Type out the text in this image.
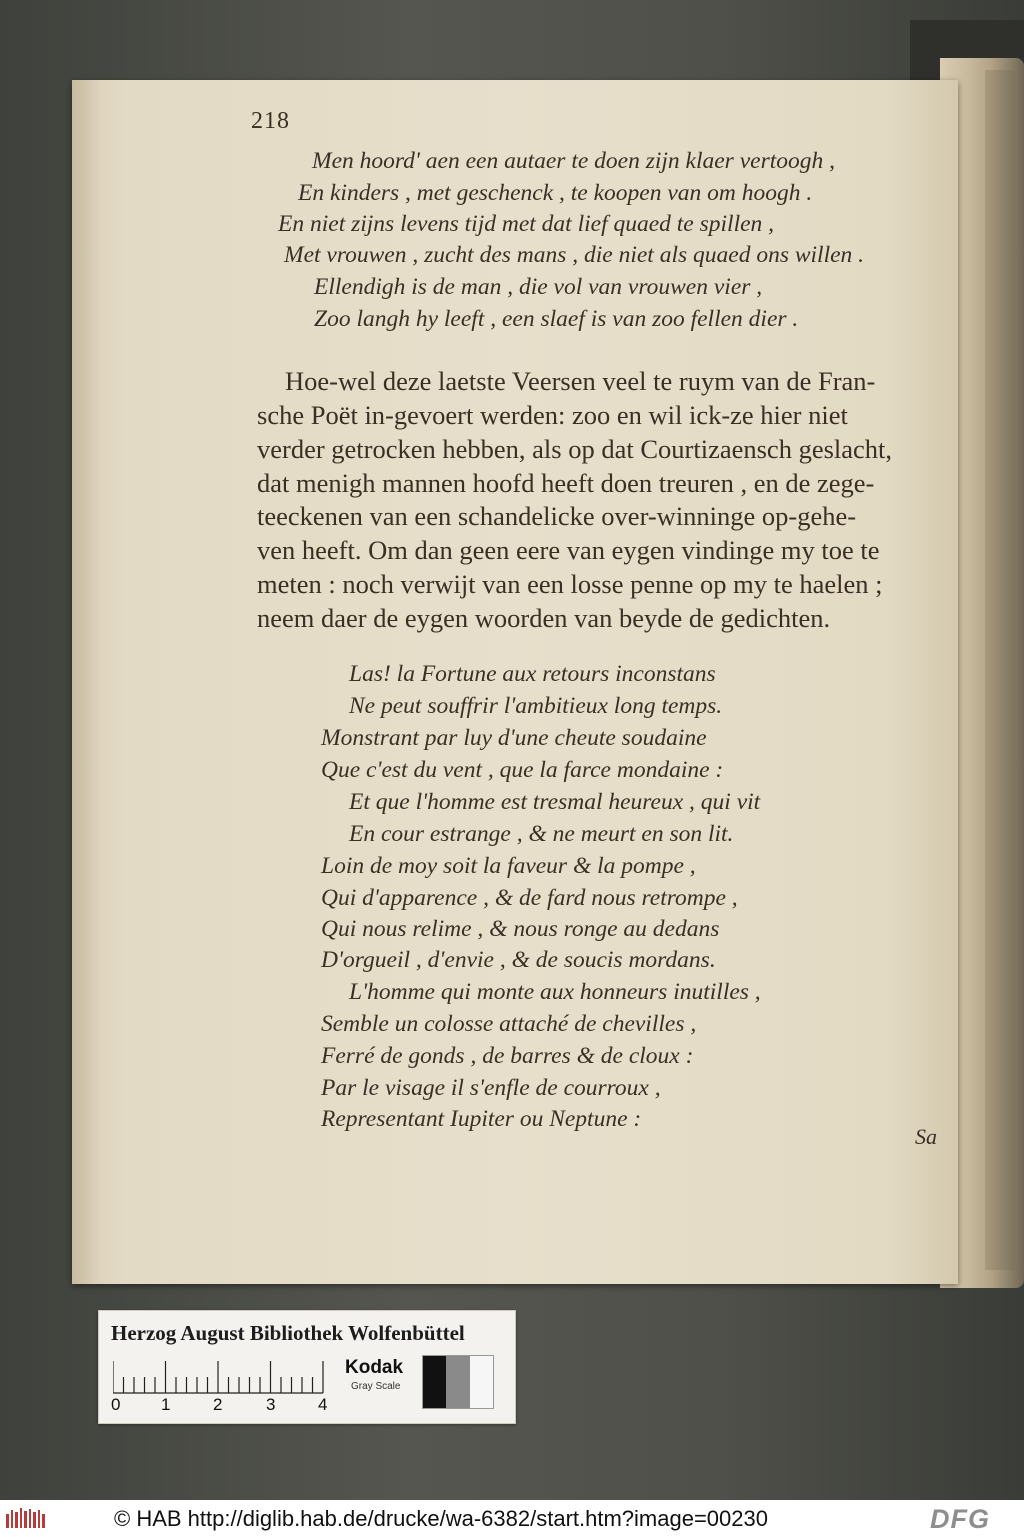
218
Men hoord' aen een autaer te doen zijn klaer vertoogh ,
En kinders , met geschenck , te koopen van om hoogh .
En niet zijns levens tijd met dat lief quaed te spillen ,
Met vrouwen , zucht des mans , die niet als quaed ons willen .
Ellendigh is de man , die vol van vrouwen vier ,
Zoo langh hy leeft , een slaef is van zoo fellen dier .
Hoe-wel deze laetste Veersen veel te ruym van de Fran-
sche Poët in-gevoert werden: zoo en wil ick-ze hier niet
verder getrocken hebben, als op dat Courtizaensch geslacht,
dat menigh mannen hoofd heeft doen treuren , en de zege-
teeckenen van een schandelicke over-winninge op-gehe-
ven heeft. Om dan geen eere van eygen vindinge my toe te
meten : noch verwijt van een losse penne op my te haelen ;
neem daer de eygen woorden van beyde de gedichten.
Las! la Fortune aux retours inconstans
Ne peut souffrir l'ambitieux long temps.
Monstrant par luy d'une cheute soudaine
Que c'est du vent , que la farce mondaine :
Et que l'homme est tresmal heureux , qui vit
En cour estrange , & ne meurt en son lit.
Loin de moy soit la faveur & la pompe ,
Qui d'apparence , & de fard nous retrompe ,
Qui nous relime , & nous ronge au dedans
D'orgueil , d'envie , & de soucis mordans.
L'homme qui monte aux honneurs inutilles ,
Semble un colosse attaché de chevilles ,
Ferré de gonds , de barres & de cloux :
Par le visage il s'enfle de courroux ,
Representant Iupiter ou Neptune :
Sa
Herzog August Bibliothek Wolfenbüttel
0 1	2	3	4
Kodak
Gray Scale
© HAB http://diglib.hab.de/drucke/wa-6382/start.htm?image=00230	DFG
